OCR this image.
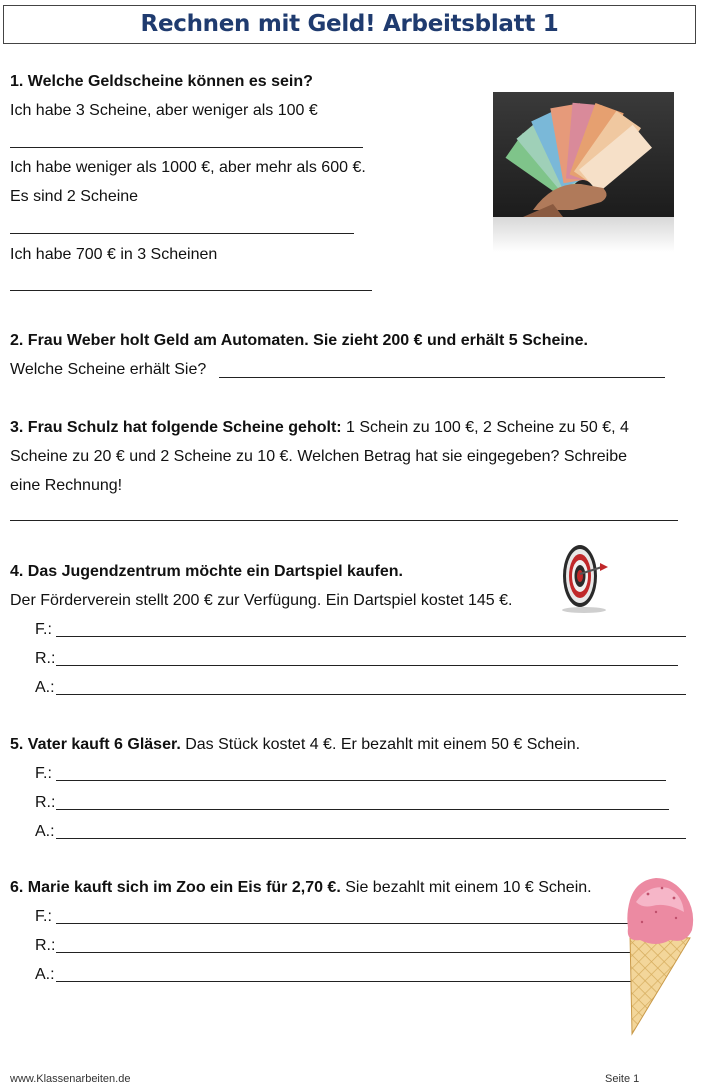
Rechnen mit Geld! Arbeitsblatt 1
1. Welche Geldscheine können es sein?
Ich habe 3 Scheine, aber weniger als 100 €
Ich habe weniger als 1000 €, aber mehr als 600 €.
Es sind 2 Scheine
Ich habe 700 € in 3 Scheinen
2. Frau Weber holt Geld am Automaten. Sie zieht 200 € und erhält 5 Scheine.
Welche Scheine erhält Sie?
3. Frau Schulz hat folgende Scheine geholt: 1 Schein zu 100 €, 2 Scheine zu 50 €, 4
Scheine zu 20 € und 2 Scheine zu 10 €. Welchen Betrag hat sie eingegeben? Schreibe
eine Rechnung!
4. Das Jugendzentrum möchte ein Dartspiel kaufen.
Der Förderverein stellt 200 € zur Verfügung. Ein Dartspiel kostet 145 €.
F.:
R.:
A.:
5. Vater kauft 6 Gläser. Das Stück kostet 4 €. Er bezahlt mit einem 50 € Schein.
F.:
R.:
A.:
6. Marie kauft sich im Zoo ein Eis für 2,70 €. Sie bezahlt mit einem 10 € Schein.
F.:
R.:
A.:
www.Klassenarbeiten.de	Seite 1
